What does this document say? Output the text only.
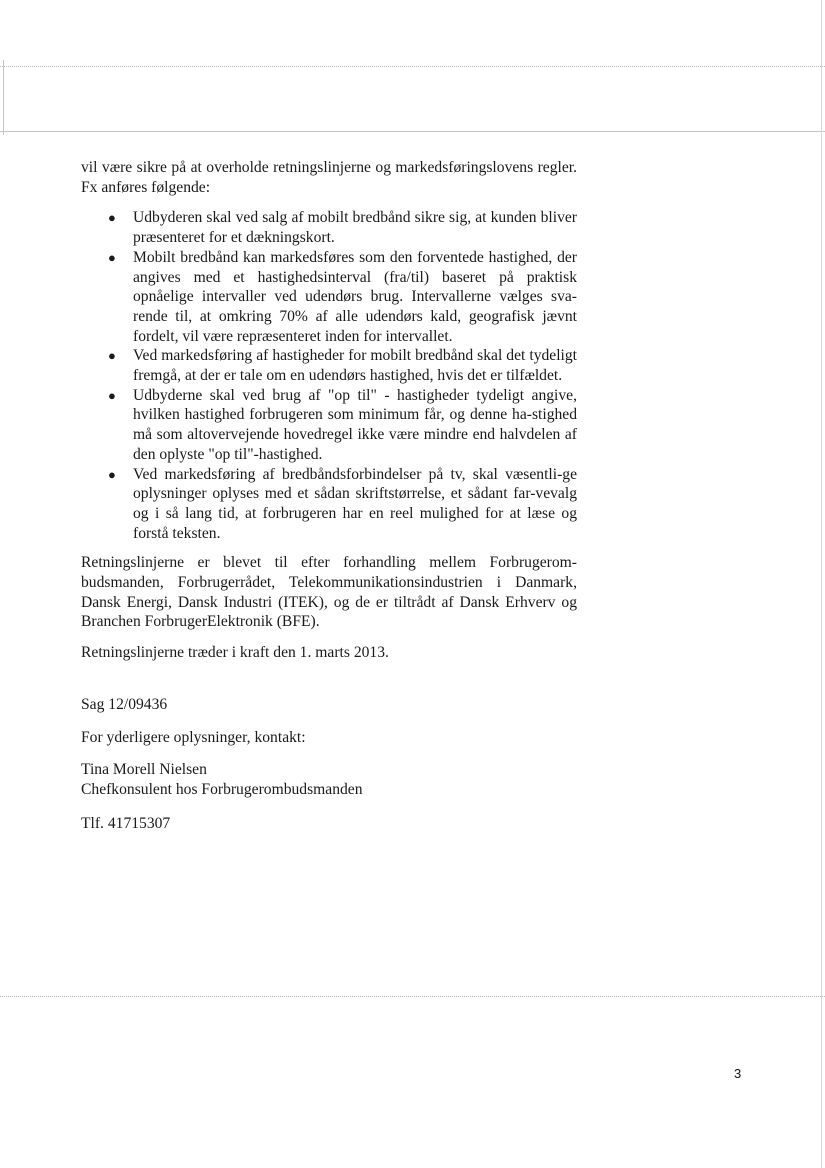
vil være sikre på at overholde retningslinjerne og markedsføringslovens regler. Fx anføres følgende:

● Udbyderen skal ved salg af mobilt bredbånd sikre sig, at kunden bliver præsenteret for et dækningskort.
● Mobilt bredbånd kan markedsføres som den forventede hastighed, der angives med et hastighedsinterval (fra/til) baseret på praktisk opnåelige intervaller ved udendørs brug. Intervallerne vælges sva-rende til, at omkring 70% af alle udendørs kald, geografisk jævnt fordelt, vil være repræsenteret inden for intervallet.
● Ved markedsføring af hastigheder for mobilt bredbånd skal det tydeligt fremgå, at der er tale om en udendørs hastighed, hvis det er tilfældet.
● Udbyderne skal ved brug af "op til" - hastigheder tydeligt angive, hvilken hastighed forbrugeren som minimum får, og denne ha-stighed må som altovervejende hovedregel ikke være mindre end halvdelen af den oplyste "op til"-hastighed.
● Ved markedsføring af bredbåndsforbindelser på tv, skal væsentli-ge oplysninger oplyses med et sådan skriftstørrelse, et sådant far-vevalg og i så lang tid, at forbrugeren har en reel mulighed for at læse og forstå teksten.

Retningslinjerne er blevet til efter forhandling mellem Forbrugerom-budsmanden, Forbrugerrådet, Telekommunikationsindustrien i Danmark, Dansk Energi, Dansk Industri (ITEK), og de er tiltrådt af Dansk Erhverv og Branchen ForbrugerElektronik (BFE).

Retningslinjerne træder i kraft den 1. marts 2013.

Sag 12/09436

For yderligere oplysninger, kontakt:

Tina Morell Nielsen

Chefkonsulent hos Forbrugerombudsmanden

Tlf. 41715307

3
